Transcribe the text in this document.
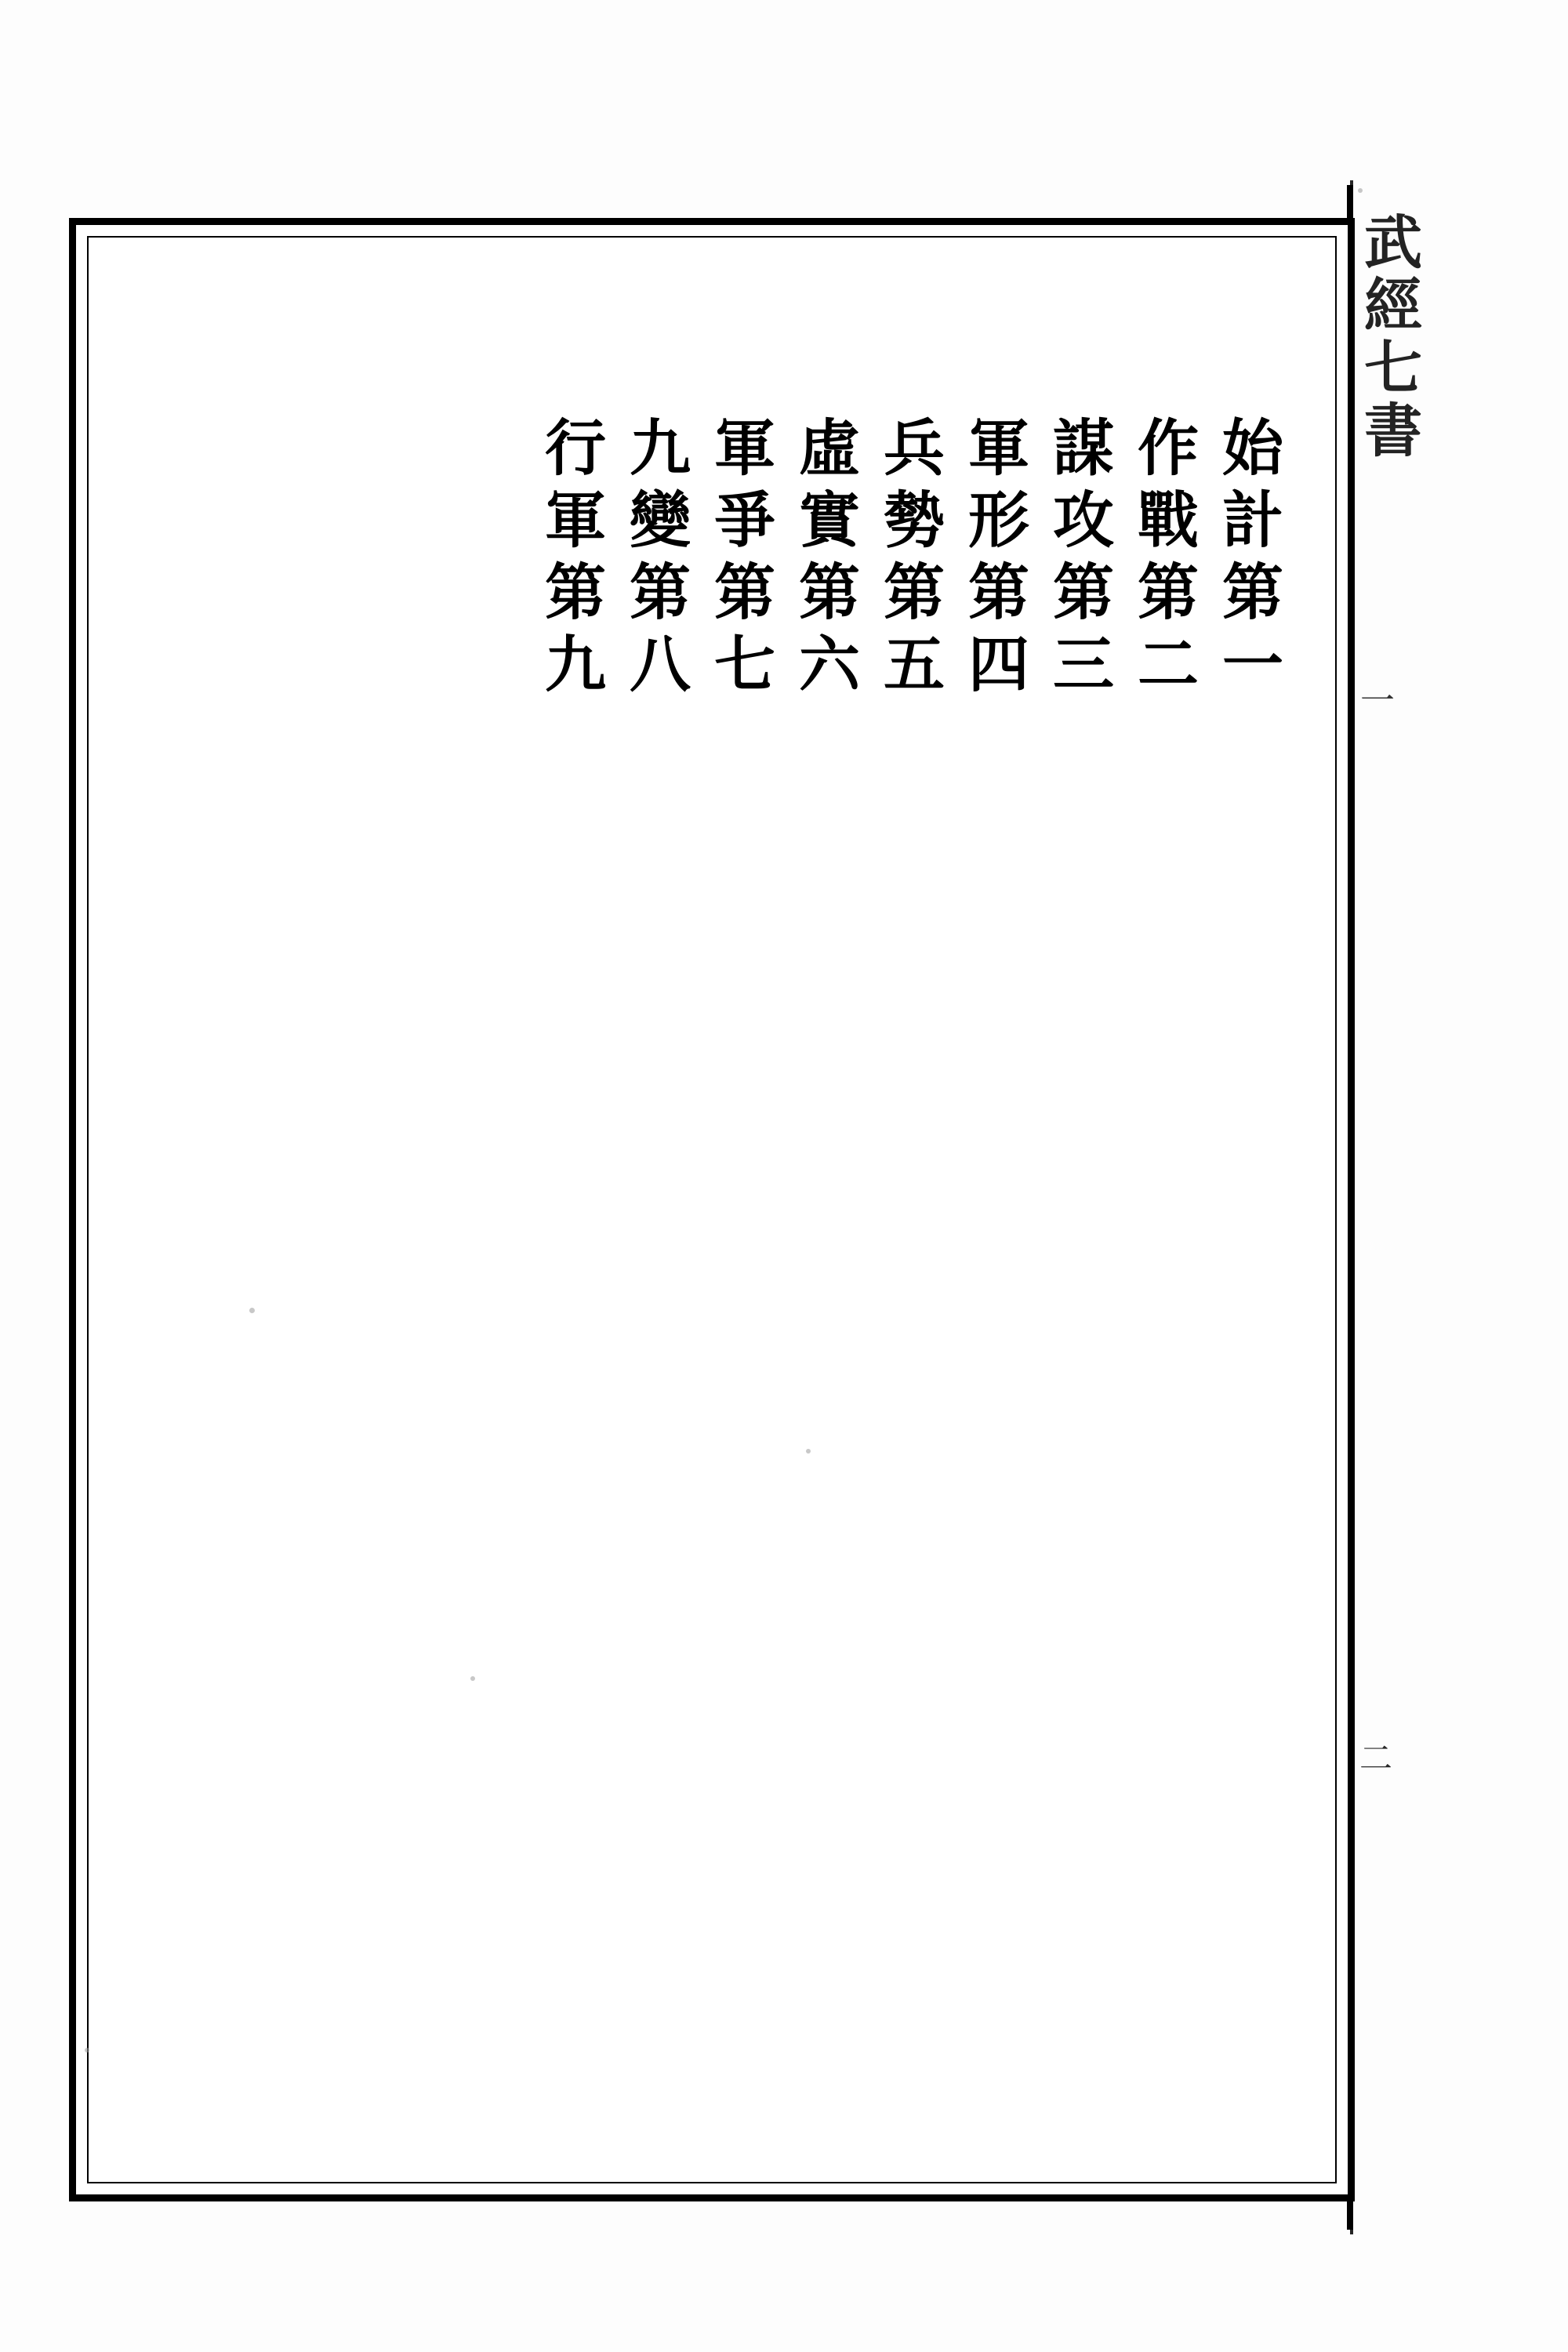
始計第一
作戰第二
謀攻第三
軍形第四
兵勢第五
虛實第六
軍爭第七
九變第八
行軍第九
武經七書
一
二
